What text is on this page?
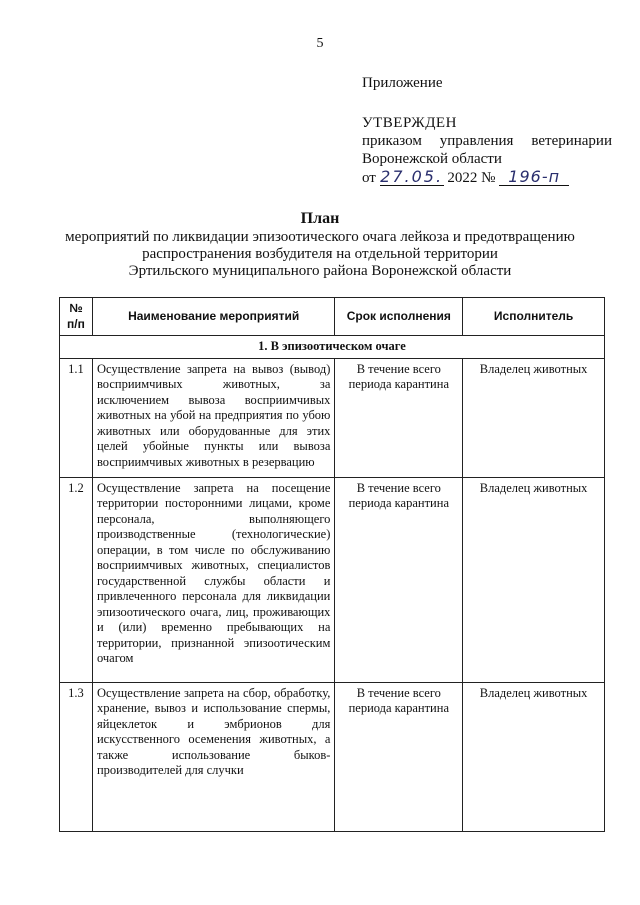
5
Приложение
УТВЕРЖДЕН
приказом управления ветеринарии
Воронежской области
от 27.05. 2022 № 196-п
План
мероприятий по ликвидации эпизоотического очага лейкоза и предотвращению
распространения возбудителя на отдельной территории
Эртильского муниципального района Воронежской области
№ п/п	Наименование мероприятий	Срок исполнения	Исполнитель
1. В эпизоотическом очаге			
1.1	Осуществление запрета на вывоз (вывод) восприимчивых животных, за исключением вывоза восприимчивых животных на убой на предприятия по убою животных или оборудованные для этих целей убойные пункты или вывоза восприимчивых животных в резервацию	В течение всего периода карантина	Владелец животных
1.2	Осуществление запрета на посещение территории посторонними лицами, кроме персонала, выполняющего производственные (технологические) операции, в том числе по обслуживанию восприимчивых животных, специалистов государственной службы области и привлеченного персонала для ликвидации эпизоотического очага, лиц, проживающих и (или) временно пребывающих на территории, признанной эпизоотическим очагом	В течение всего периода карантина	Владелец животных
1.3	Осуществление запрета на сбор, обработку, хранение, вывоз и использование спермы, яйцеклеток и эмбрионов для искусственного осеменения животных, а также использование быков-производителей для случки	В течение всего периода карантина	Владелец животных
